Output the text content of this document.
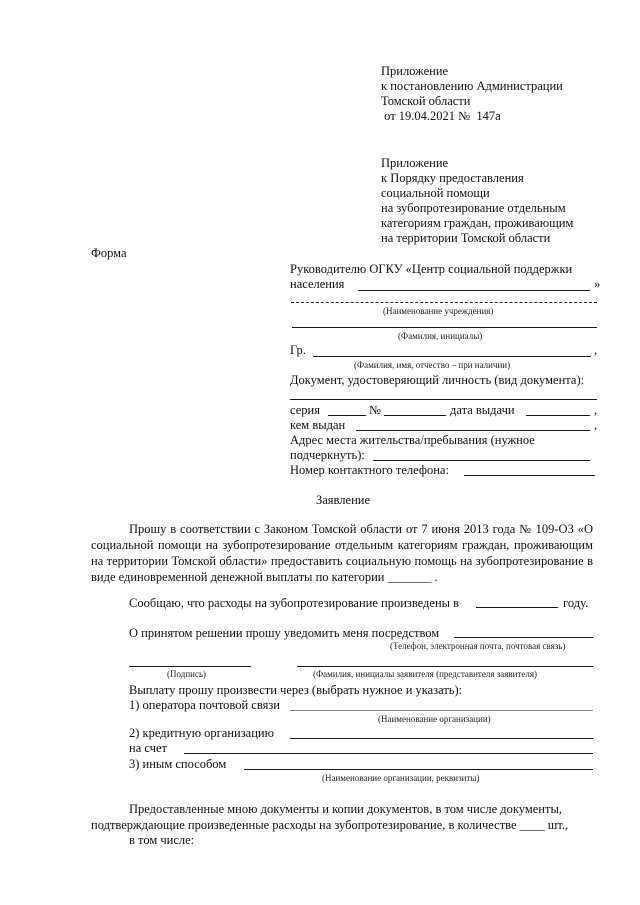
Приложение
к постановлению Администрации
Томской области
от 19.04.2021 №  147а
Приложение
к Порядку предоставления
социальной помощи
на зубопротезирование отдельным
категориям граждан, проживающим
на территории Томской области
Форма
Руководителю ОГКУ «Центр социальной поддержки
населения	»
(Наименование учреждения)
(Фамилия, инициалы)
Гр.	,
(Фамилия, имя, отчество – при наличии)
Документ, удостоверяющий личность (вид документа):
серия	№	дата выдачи	,
кем выдан	,
Адрес места жительства/пребывания (нужное
подчеркнуть):
Номер контактного телефона:
Заявление
Прошу в соответствии с Законом Томской области от 7 июня 2013 года № 109-ОЗ «О социальной помощи на зубопротезирование отдельным категориям граждан, проживающим на территории Томской области» предоставить социальную помощь на зубопротезирование в виде единовременной денежной выплаты по категории _______ .
Сообщаю, что расходы на зубопротезирование произведены в	году.
О принятом решении прошу уведомить меня посредством
(Телефон, электронная почта, почтовая связь)
(Подпись)	(Фамилия, инициалы заявителя (представителя заявителя)
Выплату прошу произвести через (выбрать нужное и указать):
1) оператора почтовой связи
(Наименование организации)
2) кредитную организацию
на счет
3) иным способом
(Наименование организации, реквизиты)
Предоставленные мною документы и копии документов, в том числе документы,
подтверждающие произведенные расходы на зубопротезирование, в количестве ____ шт.,
в том числе:
